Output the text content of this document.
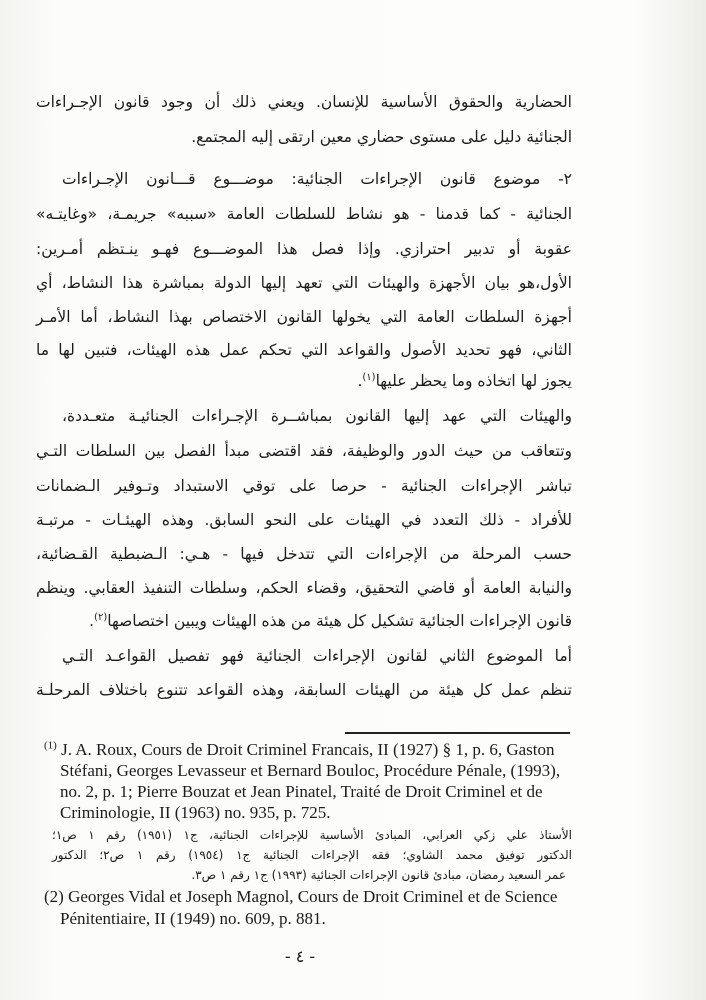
الحضارية والحقوق الأساسية للإنسان. ويعني ذلك أن وجود قانون الإجـراءات
الجنائية دليل على مستوى حضاري معين ارتقى إليه المجتمع.
٢- موضوع قانون الإجراءات الجنائية: موضـــوع قـــانون الإجـراءات
الجنائية - كما قدمنا - هو نشاط للسلطات العامة «سببه» جريمـة، «وغايتـه»
عقوبة أو تدبير احترازي. وإذا فصل هذا الموضـــوع فهـو ينـتظم أمـرين:
الأول،هو بيان الأجهزة والهيئات التي تعهد إليها الدولة بمباشرة هذا النشاط، أي
أجهزة السلطات العامة التي يخولها القانون الاختصاص بهذا النشاط، أما الأمـر
الثاني، فهو تحديد الأصول والقواعد التي تحكم عمل هذه الهيئات، فتبين لها ما
يجوز لها اتخاذه وما يحظر عليها$^{(١)}$.
والهيئات التي عهد إليها القانون بمباشــرة الإجـراءات الجنائيـة متعـددة،
وتتعاقب من حيث الدور والوظيفة، فقد اقتضى مبدأ الفصل بين السلطات التـي
تباشر الإجراءات الجنائية - حرصا على توقي الاستبداد وتـوفير الـضمانات
للأفراد - ذلك التعدد في الهيئات على النحو السابق. وهذه الهيئـات - مرتبـة
حسب المرحلة من الإجراءات التي تتدخل فيها - هـي: الـضبطية القـضائية،
والنيابة العامة أو قاضي التحقيق، وقضاء الحكم، وسلطات التنفيذ العقابي. وينظم
قانون الإجراءات الجنائية تشكيل كل هيئة من هذه الهيئات ويبين اختصاصها$^{(٢)}$.
أما الموضوع الثاني لقانون الإجراءات الجنائية فهو تفصيل القواعـد التـي
تنظم عمل كل هيئة من الهيئات السابقة، وهذه القواعد تتنوع باختلاف المرحلـة
$^{(1)}$ J. A. Roux, Cours de Droit Criminel Francais, II (1927) § 1, p. 6, Gaston
Stéfani, Georges Levasseur et Bernard Bouloc, Procédure Pénale, (1993),
no. 2, p. 1; Pierre Bouzat et Jean Pinatel, Traité de Droit Criminel et de
Criminologie, II (1963) no. 935, p. 725.
الأستاذ علي زكي العرابي، المبادئ الأساسية للإجراءات الجنائية، ج١ (١٩٥١) رقم ١ ص١؛
الدكتور توفيق محمد الشاوي؛ فقه الإجراءات الجنائية ج١ (١٩٥٤) رقم ١ ص٢؛ الدكتور
عمر السعيد رمضان، مبادئ قانون الإجراءات الجنائية (١٩٩٣) ج١ رقم ١ ص٣.
(2) Georges Vidal et Joseph Magnol, Cours de Droit Criminel et de Science
Pénitentiaire, II (1949) no. 609, p. 881.
- ٤ -
